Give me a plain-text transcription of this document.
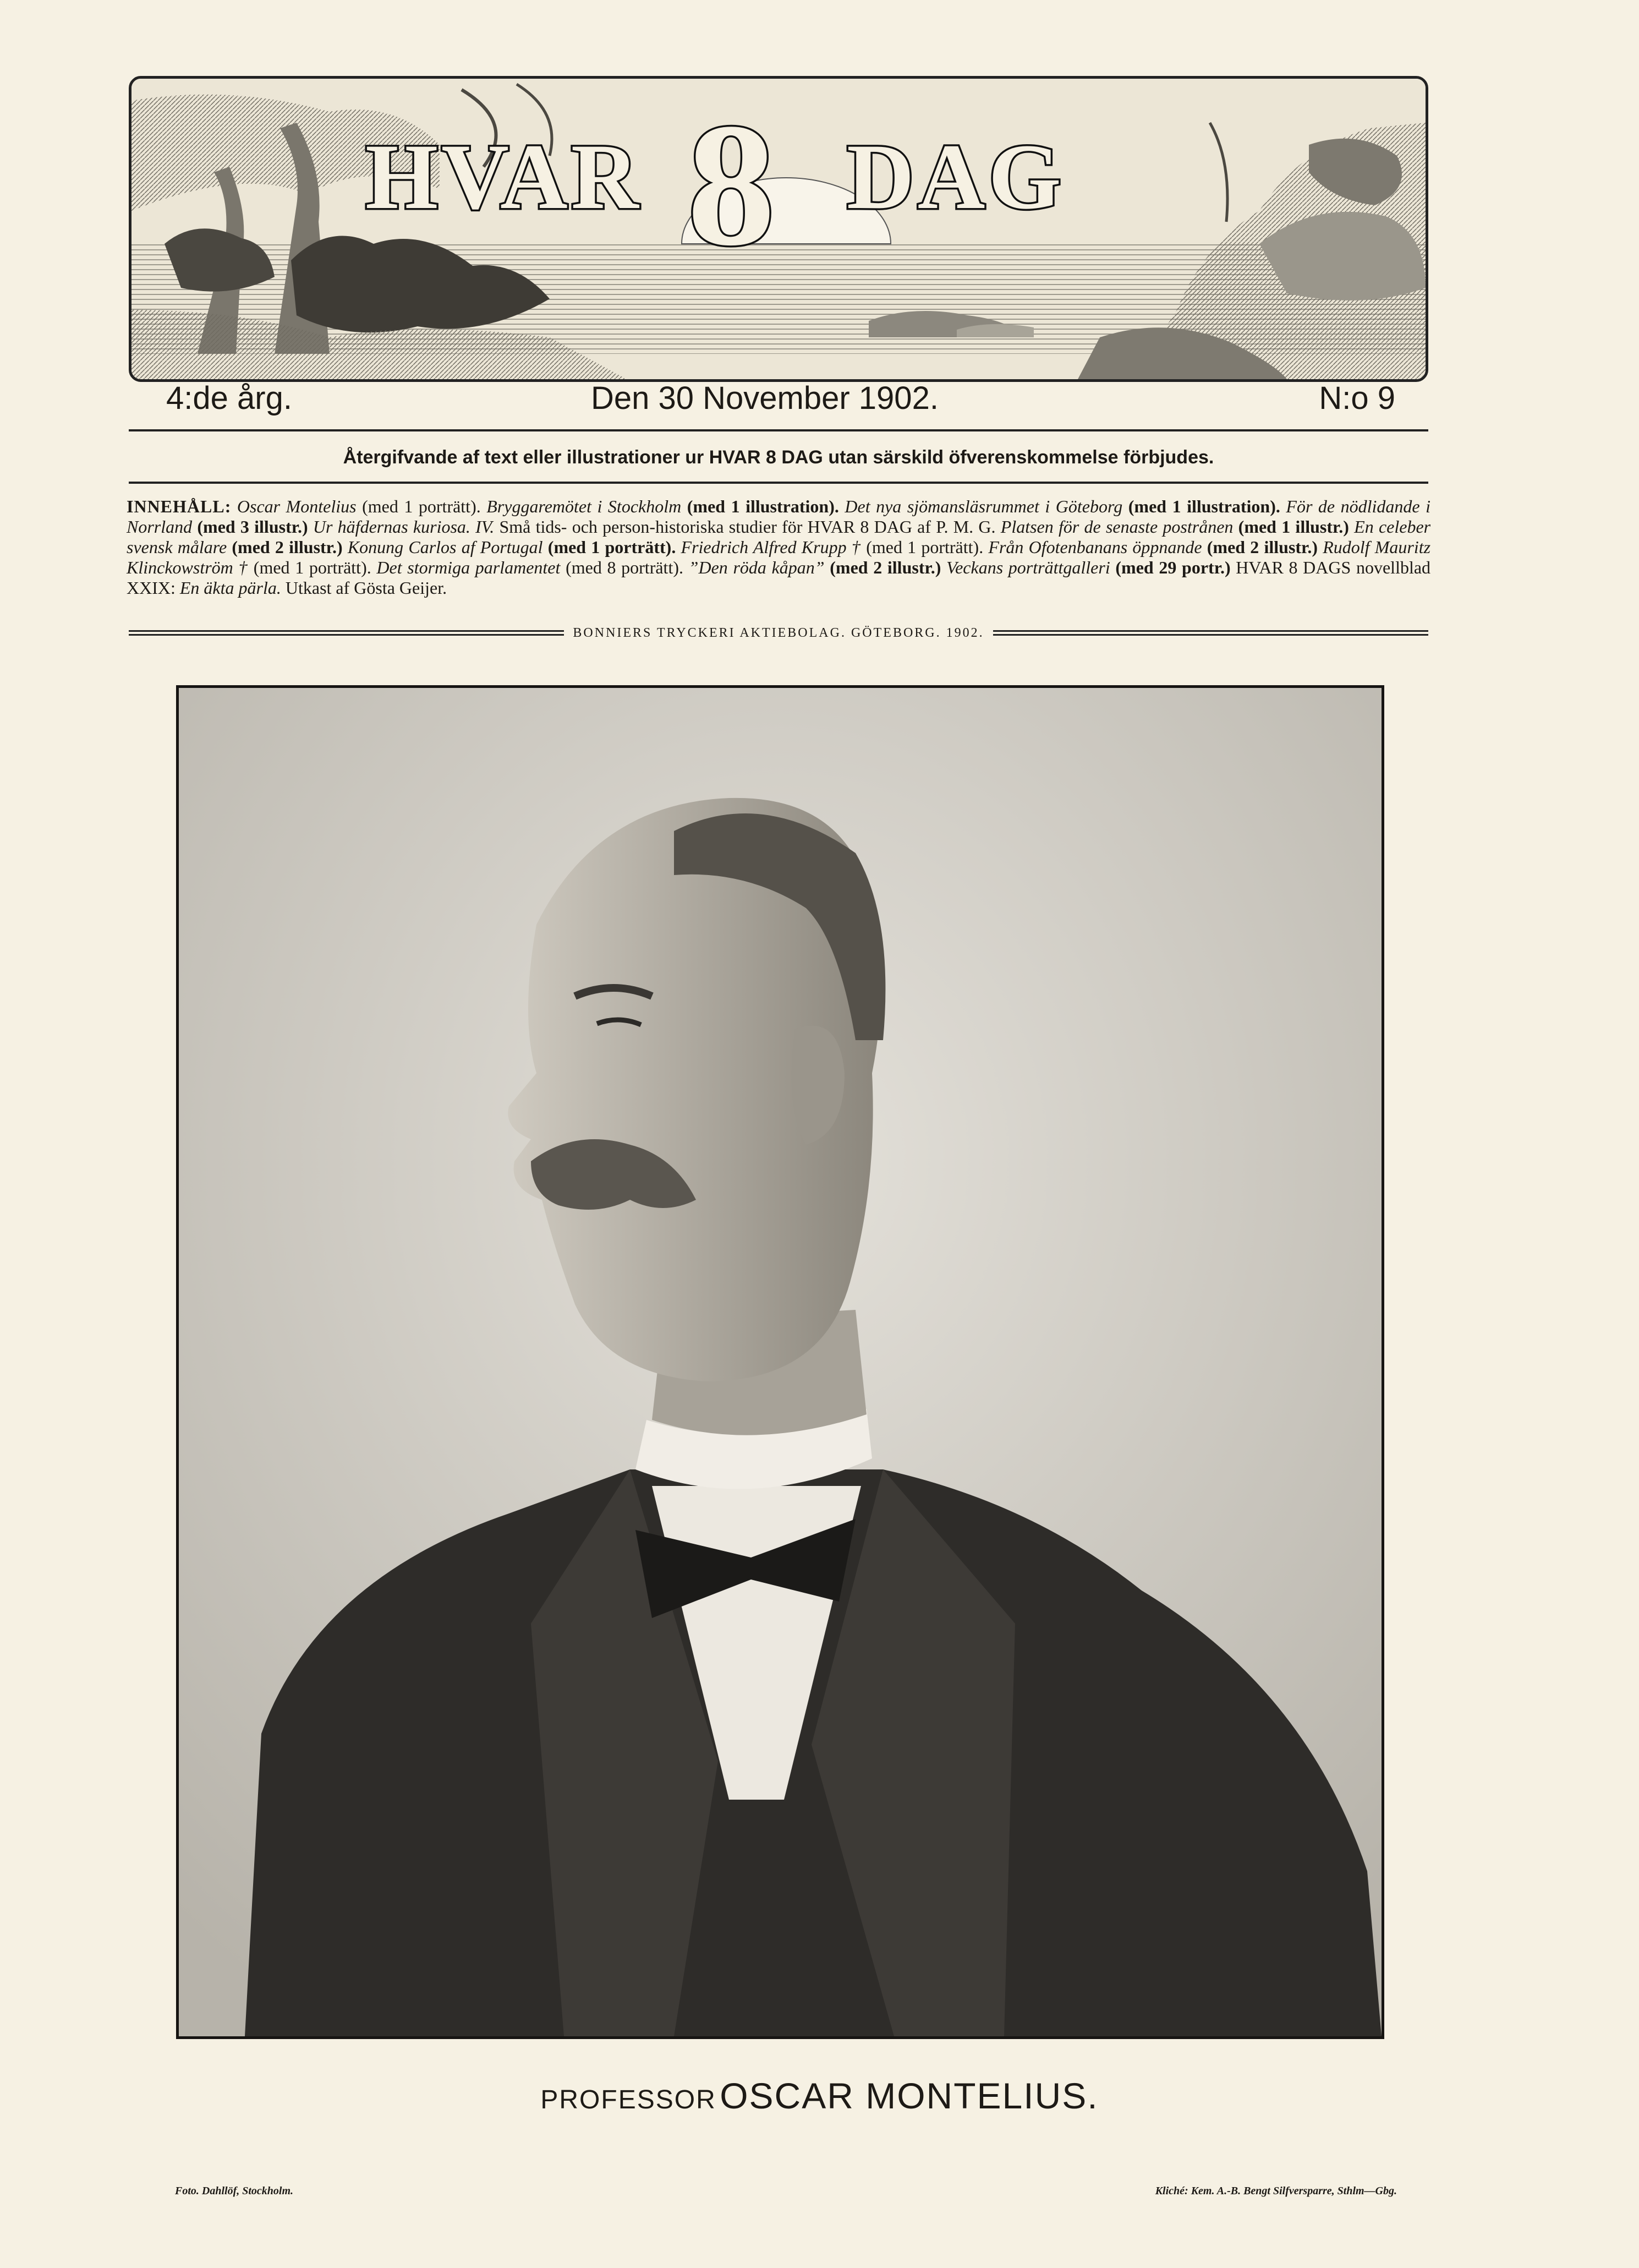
HVAR 8 DAG
4:de årg.	Den 30 November 1902.	N:o 9
Återgifvande af text eller illustrationer ur HVAR 8 DAG utan särskild öfverenskommelse förbjudes.
INNEHÅLL: Oscar Montelius (med 1 porträtt). Bryggaremötet i Stockholm (med 1 illustration). Det nya sjömansläsrummet i Göteborg (med 1 illustration). För de nödlidande i Norrland (med 3 illustr.) Ur häfdernas kuriosa. IV. Små tids- och person-historiska studier för HVAR 8 DAG af P. M. G. Platsen för de senaste postrånen (med 1 illustr.) En celeber svensk målare (med 2 illustr.) Konung Carlos af Portugal (med 1 porträtt). Friedrich Alfred Krupp † (med 1 porträtt). Från Ofotenbanans öppnande (med 2 illustr.) Rudolf Mauritz Klinckowström † (med 1 porträtt). Det stormiga parlamentet (med 8 porträtt). ”Den röda kåpan” (med 2 illustr.) Veckans porträttgalleri (med 29 portr.) HVAR 8 DAGS novellblad XXIX: En äkta pärla. Utkast af Gösta Geijer.
BONNIERS TRYCKERI AKTIEBOLAG. GÖTEBORG. 1902.
PROFESSOR OSCAR MONTELIUS.
Foto. Dahllöf, Stockholm.	Kliché: Kem. A.-B. Bengt Silfversparre, Sthlm—Gbg.
